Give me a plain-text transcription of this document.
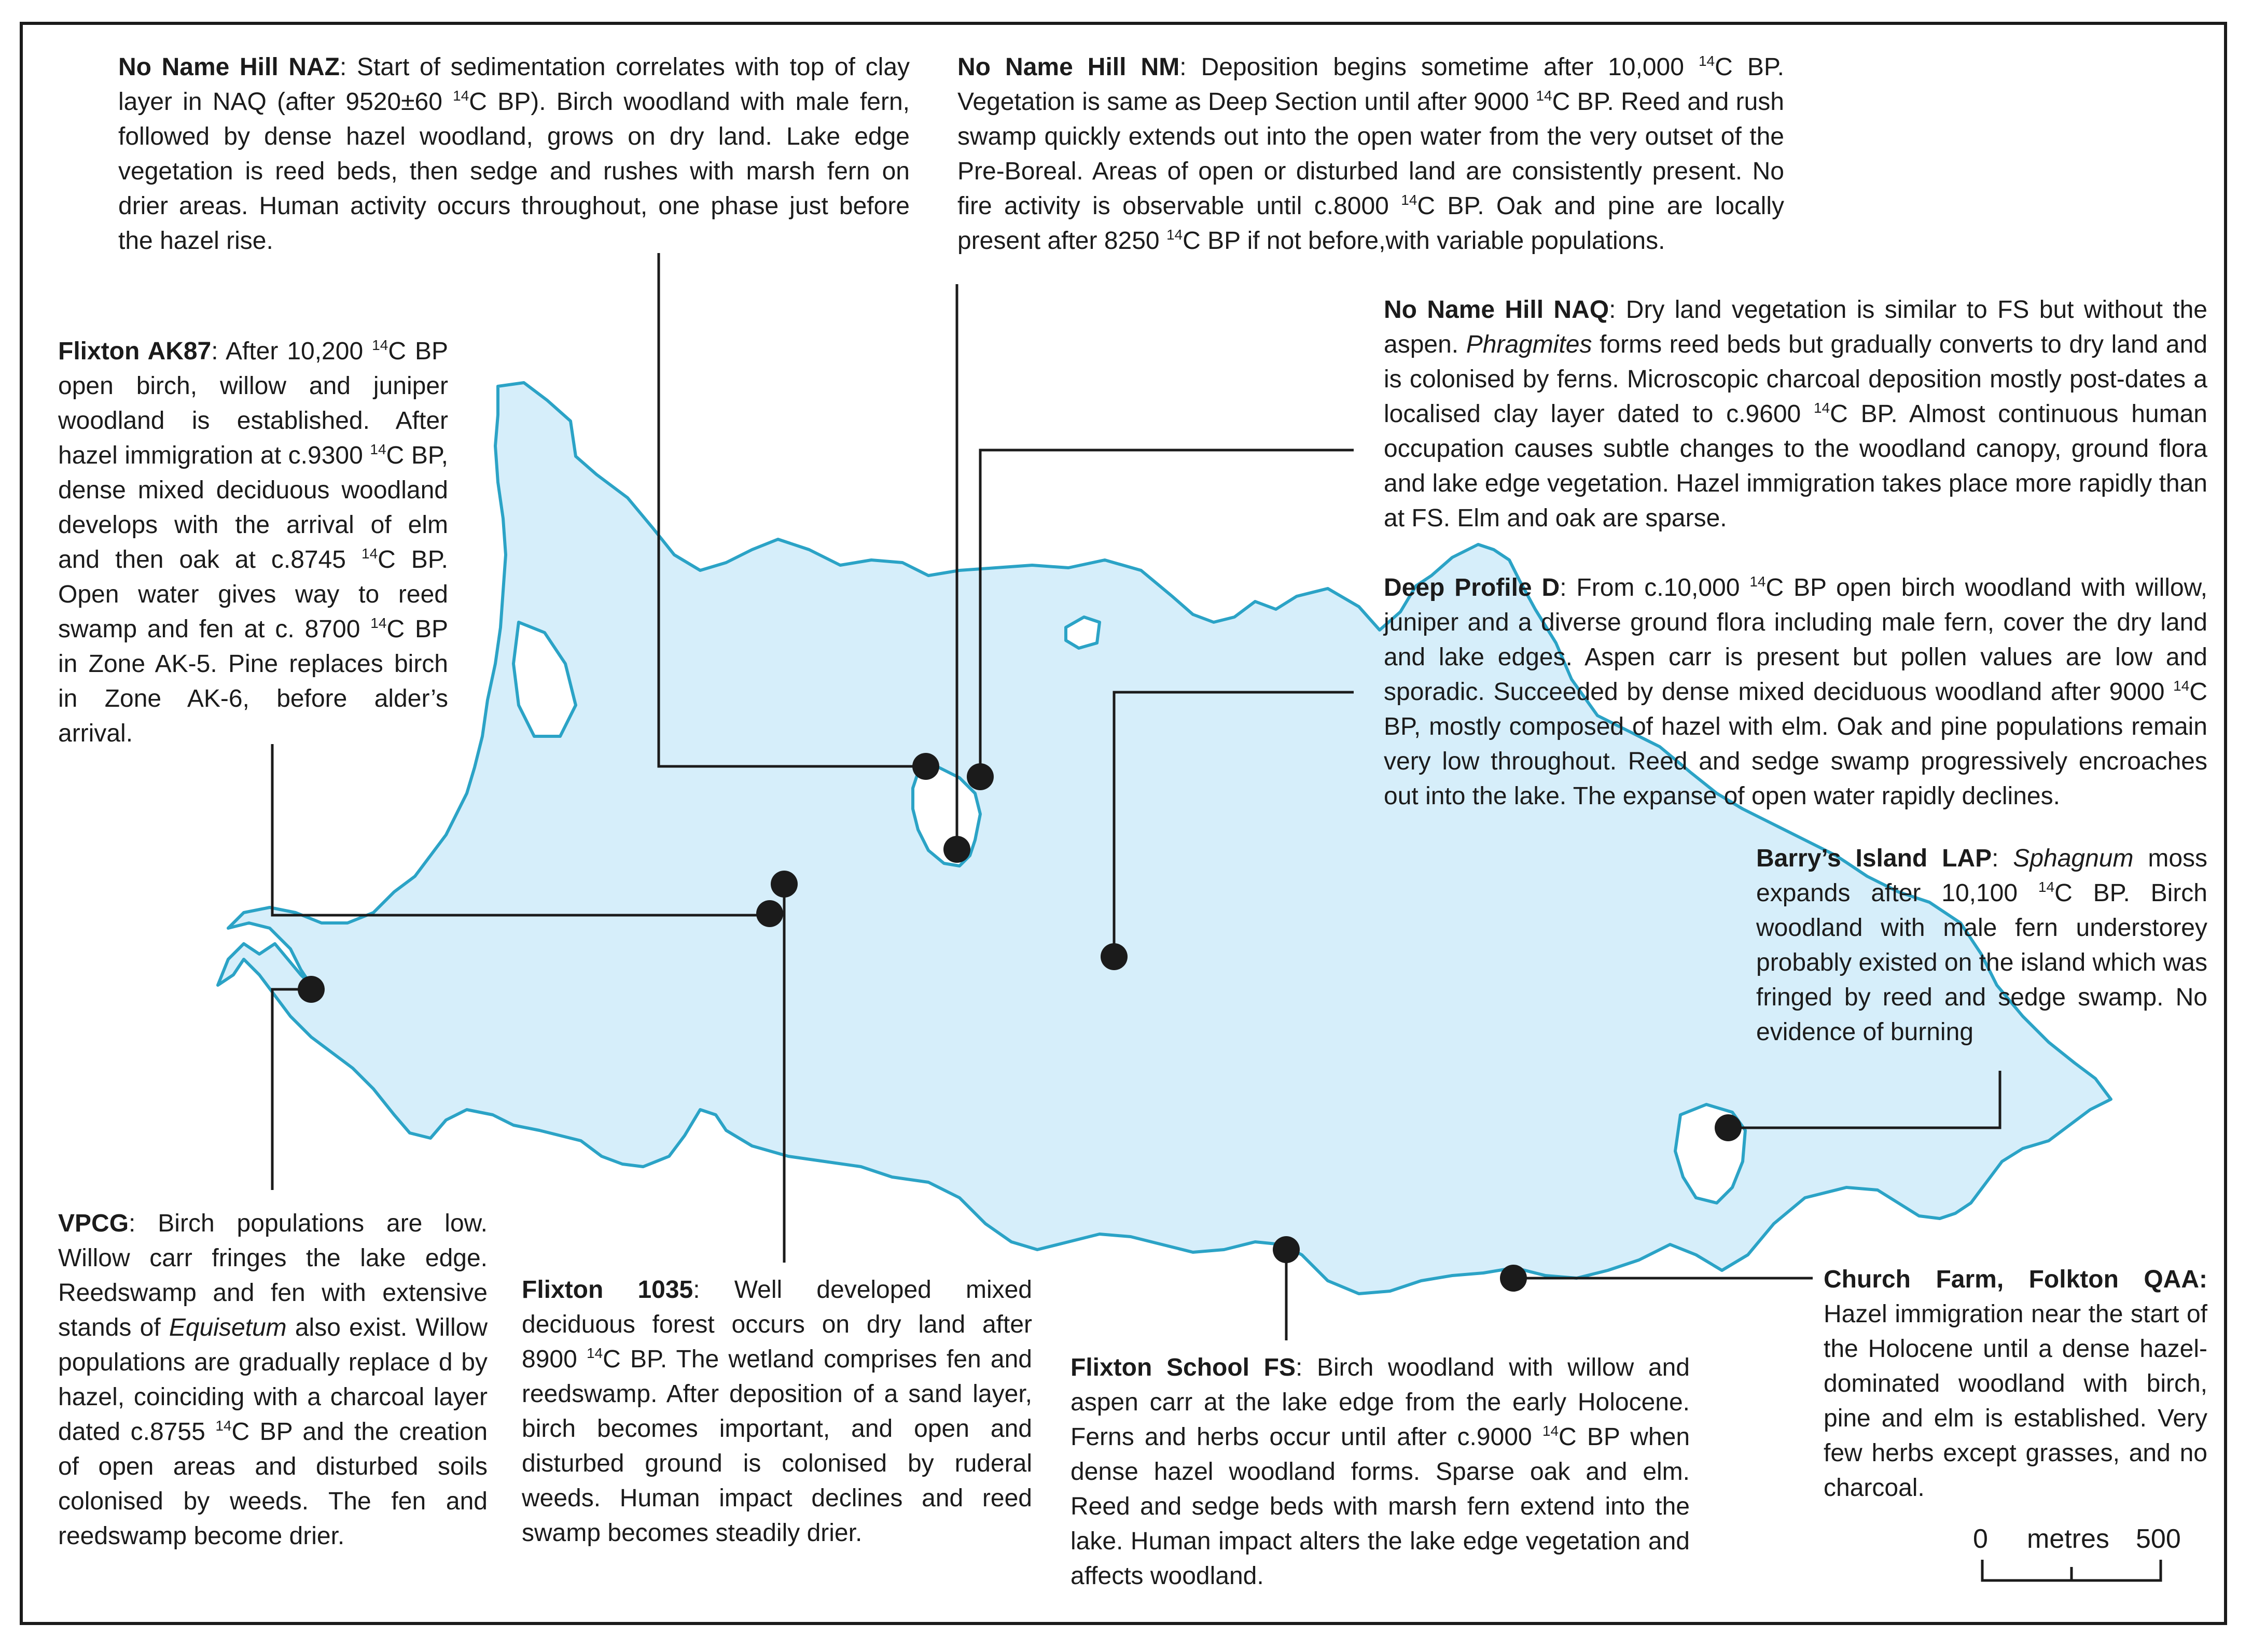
No Name Hill NAZ: Start of sedimentation correlates with top of clay layer in NAQ (after 9520±60 $^{14}$C BP). Birch woodland with male fern, followed by dense hazel woodland, grows on dry land. Lake edge vegetation is reed beds, then sedge and rushes with marsh fern on drier areas. Human activity occurs throughout, one phase just before the hazel rise.
No Name Hill NM: Deposition begins sometime after 10,000 $^{14}$C BP. Vegetation is same as Deep Section until after 9000 $^{14}$C BP. Reed and rush swamp quickly extends out into the open water from the very outset of the Pre-Boreal. Areas of open or disturbed land are consistently present. No fire activity is observable until c.8000 $^{14}$C BP. Oak and pine are locally present after 8250 $^{14}$C BP if not before,with variable populations.
No Name Hill NAQ: Dry land vegetation is similar to FS but without the aspen. Phragmites forms reed beds but gradually converts to dry land and is colonised by ferns. Microscopic charcoal deposition mostly post-dates a localised clay layer dated to c.9600 $^{14}$C BP. Almost continuous human occupation causes subtle changes to the woodland canopy, ground flora and lake edge vegetation. Hazel immigration takes place more rapidly than at FS. Elm and oak are sparse.
Flixton AK87: After 10,200 $^{14}$C BP open birch, willow and juniper woodland is established. After hazel immigration at c.9300 $^{14}$C BP, dense mixed deciduous woodland develops with the arrival of elm and then oak at c.8745 $^{14}$C BP. Open water gives way to reed swamp and fen at c. 8700 $^{14}$C BP in Zone AK-5. Pine replaces birch in Zone AK-6, before alder’s arrival.
Deep Profile D: From c.10,000 $^{14}$C BP open birch woodland with willow, juniper and a diverse ground flora including male fern, cover the dry land and lake edges. Aspen carr is present but pollen values are low and sporadic. Succeeded by dense mixed deciduous woodland after 9000 $^{14}$C BP, mostly composed of hazel with elm. Oak and pine populations remain very low throughout. Reed and sedge swamp progressively encroaches out into the lake. The expanse of open water rapidly declines.
Barry’s Island LAP: Sphagnum moss expands after 10,100 $^{14}$C BP. Birch woodland with male fern understorey probably existed on the island which was fringed by reed and sedge swamp. No evidence of burning
VPCG: Birch populations are low. Willow carr fringes the lake edge. Reedswamp and fen with extensive stands of Equisetum also exist. Willow populations are gradually replace d by hazel, coinciding with a charcoal layer dated c.8755 $^{14}$C BP and the creation of open areas and disturbed soils colonised by weeds. The fen and reedswamp become drier.
Flixton 1035: Well developed mixed deciduous forest occurs on dry land after 8900 $^{14}$C BP. The wetland comprises fen and reedswamp. After deposition of a sand layer, birch becomes important, and open and disturbed ground is colonised by ruderal weeds. Human impact declines and reed swamp becomes steadily drier.
Flixton School FS: Birch woodland with willow and aspen carr at the lake edge from the early Holocene. Ferns and herbs occur until after c.9000 $^{14}$C BP when dense hazel woodland forms. Sparse oak and elm. Reed and sedge beds with marsh fern extend into the lake. Human impact alters the lake edge vegetation and affects woodland.
Church Farm, Folkton QAA: Hazel immigration near the start of the Holocene until a dense hazel-dominated woodland with birch, pine and elm is established. Very few herbs except grasses, and no charcoal.
0 metres 500
